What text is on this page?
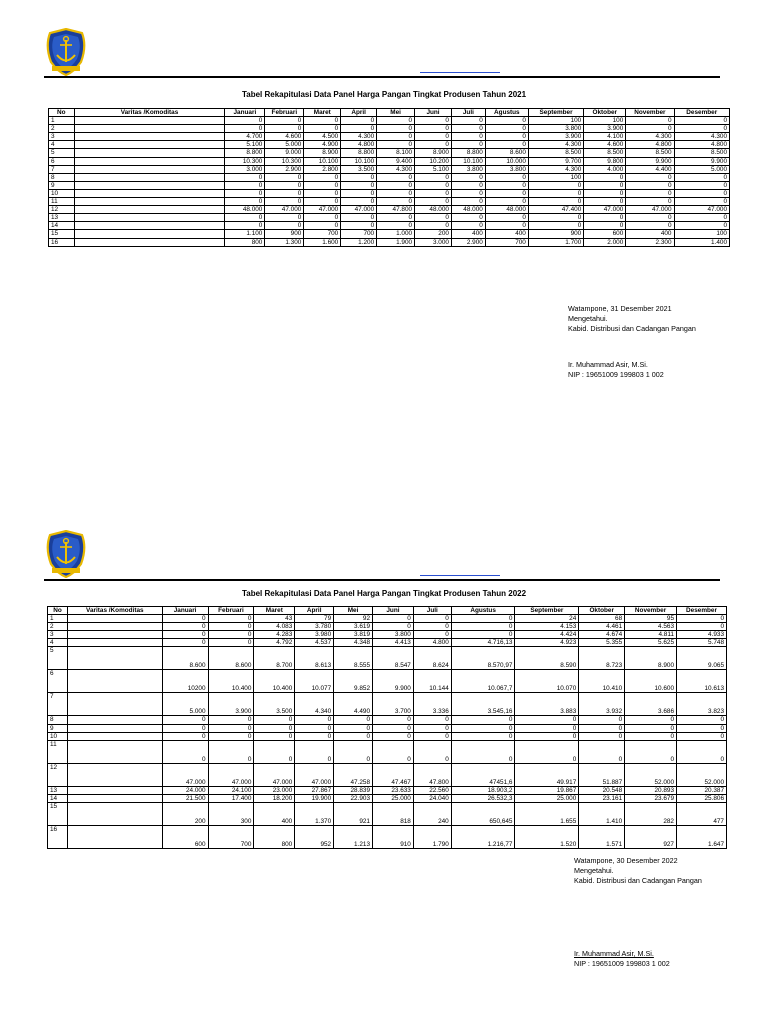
Tabel Rekapitulasi Data Panel Harga Pangan Tingkat Produsen Tahun 2021
No	Varitas /Komoditas	Januari	Februari	Maret	April	Mei	Juni	Juli	Agustus	September	Oktober	November	Desember
1		0	0	0	0	0	0	0	0	100	100	0	0
2		0	0	0	0	0	0	0	0	3.800	3.900	0	0
3		4.700	4.600	4.500	4.300	0	0	0	0	3.900	4.100	4.300	4.300
4		5.100	5.000	4.900	4.800	0	0	0	0	4.300	4.600	4.800	4.800
5		8.800	9.000	8.900	8.800	8.100	8.900	8.800	8.600	8.500	8.500	8.500	8.500
6		10.300	10.300	10.100	10.100	9.400	10.200	10.100	10.000	9.700	9.800	9.900	9.900
7		3.000	2.900	2.800	3.500	4.300	5.100	3.800	3.800	4.300	4.000	4.400	5.000
8		0	0	0	0	0	0	0	0	100	0	0	0
9		0	0	0	0	0	0	0	0	0	0	0	0
10		0	0	0	0	0	0	0	0	0	0	0	0
11		0	0	0	0	0	0	0	0	0	0	0	0
12		48.000	47.000	47.000	47.000	47.800	48.000	48.000	48.000	47.400	47.000	47.000	47.000
13		0	0	0	0	0	0	0	0	0	0	0	0
14		0	0	0	0	0	0	0	0	0	0	0	0
15		1.100	900	700	700	1.000	200	400	400	900	600	400	100
16		800	1.300	1.600	1.200	1.900	3.000	2.900	700	1.700	2.000	2.300	1.400
Watampone, 31 Desember 2021
Mengetahui.
Kabid. Distribusi dan Cadangan Pangan
Ir. Muhammad Asir, M.Si.
NIP : 19651009 199803 1 002
Tabel Rekapitulasi Data Panel Harga Pangan Tingkat Produsen Tahun 2022
No	Varitas /Komoditas	Januari	Februari	Maret	April	Mei	Juni	Juli	Agustus	September	Oktober	November	Desember
1		0	0	43	79	92	0	0	0	24	68	95	0
2		0	0	4.083	3.780	3.619	0	0	0	4.153	4.461	4.563	0
3		0	0	4.283	3.980	3.819	3.800	0	0	4.424	4.674	4.811	4.933
4		0	0	4.792	4.537	4.348	4.413	4.800	4.716,13	4.923	5.355	5.625	5.748
5		8.600	8.600	8.700	8.613	8.555	8.547	8.624	8.570,97	8.590	8.723	8.900	9.065
6		10200	10.400	10.400	10.077	9.852	9.900	10.144	10.067,7	10.070	10.410	10.600	10.613
7		5.000	3.900	3.500	4.340	4.490	3.700	3.336	3.545,16	3.883	3.932	3.686	3.823
8		0	0	0	0	0	0	0	0	0	0	0	0
9		0	0	0	0	0	0	0	0	0	0	0	0
10		0	0	0	0	0	0	0	0	0	0	0	0
11		0	0	0	0	0	0	0	0	0	0	0	0
12		47.000	47.000	47.000	47.000	47.258	47.467	47.800	47451,6	49.917	51.887	52.000	52.000
13		24.000	24.100	23.000	27.867	28.839	23.633	22.560	18.903,2	19.867	20.548	20.893	20.387
14		21.500	17.400	18.200	19.900	22.903	25.000	24.040	26.532,3	25.000	23.161	23.679	25.806
15		200	300	400	1.370	921	818	240	650,645	1.655	1.410	282	477
16		600	700	800	952	1.213	910	1.790	1.216,77	1.520	1.571	927	1.647
Watampone, 30 Desember 2022
Mengetahui.
Kabid. Distribusi dan Cadangan Pangan
Ir. Muhammad Asir, M.Si.
NIP : 19651009 199803 1 002
